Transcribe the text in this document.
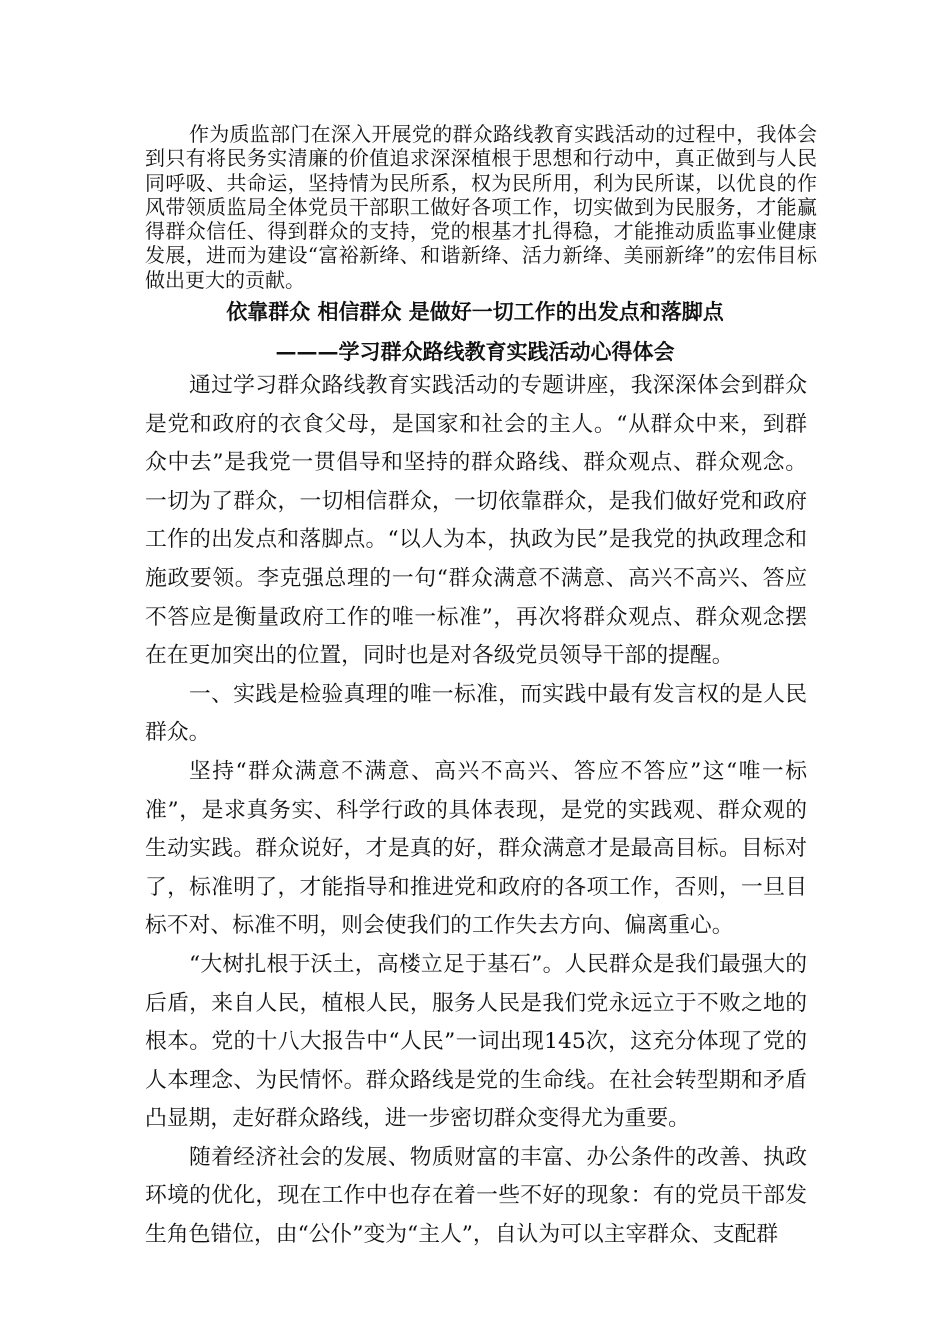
作为质监部门在深入开展党的群众路线教育实践活动的过程中，我体会到只有将民务实清廉的价值追求深深植根于思想和行动中，真正做到与人民同呼吸、共命运，坚持情为民所系，权为民所用，利为民所谋，以优良的作风带领质监局全体党员干部职工做好各项工作，切实做到为民服务，才能赢得群众信任、得到群众的支持，党的根基才扎得稳，才能推动质监事业健康发展，进而为建设“富裕新绛、和谐新绛、活力新绛、美丽新绛”的宏伟目标做出更大的贡献。

依靠群众 相信群众 是做好一切工作的出发点和落脚点
———学习群众路线教育实践活动心得体会

通过学习群众路线教育实践活动的专题讲座，我深深体会到群众是党和政府的衣食父母，是国家和社会的主人。“从群众中来，到群众中去”是我党一贯倡导和坚持的群众路线、群众观点、群众观念。一切为了群众，一切相信群众，一切依靠群众，是我们做好党和政府工作的出发点和落脚点。“以人为本，执政为民”是我党的执政理念和施政要领。李克强总理的一句“群众满意不满意、高兴不高兴、答应不答应是衡量政府工作的唯一标准”，再次将群众观点、群众观念摆在在更加突出的位置，同时也是对各级党员领导干部的提醒。

一、实践是检验真理的唯一标准，而实践中最有发言权的是人民群众。

坚持“群众满意不满意、高兴不高兴、答应不答应”这“唯一标准”，是求真务实、科学行政的具体表现，是党的实践观、群众观的生动实践。群众说好，才是真的好，群众满意才是最高目标。目标对了，标准明了，才能指导和推进党和政府的各项工作，否则，一旦目标不对、标准不明，则会使我们的工作失去方向、偏离重心。

“大树扎根于沃土，高楼立足于基石”。人民群众是我们最强大的后盾，来自人民，植根人民，服务人民是我们党永远立于不败之地的根本。党的十八大报告中“人民”一词出现145次，这充分体现了党的人本理念、为民情怀。群众路线是党的生命线。在社会转型期和矛盾凸显期，走好群众路线，进一步密切群众变得尤为重要。

随着经济社会的发展、物质财富的丰富、办公条件的改善、执政环境的优化，现在工作中也存在着一些不好的现象：有的党员干部发生角色错位，由“公仆”变为“主人”，自认为可以主宰群众、支配群
